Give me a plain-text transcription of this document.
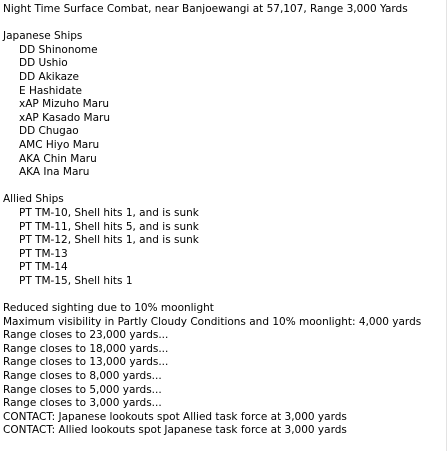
Night Time Surface Combat, near Banjoewangi at 57,107, Range 3,000 Yards
Japanese Ships
DD Shinonome
DD Ushio
DD Akikaze
E Hashidate
xAP Mizuho Maru
xAP Kasado Maru
DD Chugao
AMC Hiyo Maru
AKA Chin Maru
AKA Ina Maru
Allied Ships
PT TM-10, Shell hits 1, and is sunk
PT TM-11, Shell hits 5, and is sunk
PT TM-12, Shell hits 1, and is sunk
PT TM-13
PT TM-14
PT TM-15, Shell hits 1
Reduced sighting due to 10% moonlight
Maximum visibility in Partly Cloudy Conditions and 10% moonlight: 4,000 yards
Range closes to 23,000 yards...
Range closes to 18,000 yards...
Range closes to 13,000 yards...
Range closes to 8,000 yards...
Range closes to 5,000 yards...
Range closes to 3,000 yards...
CONTACT: Japanese lookouts spot Allied task force at 3,000 yards
CONTACT: Allied lookouts spot Japanese task force at 3,000 yards
